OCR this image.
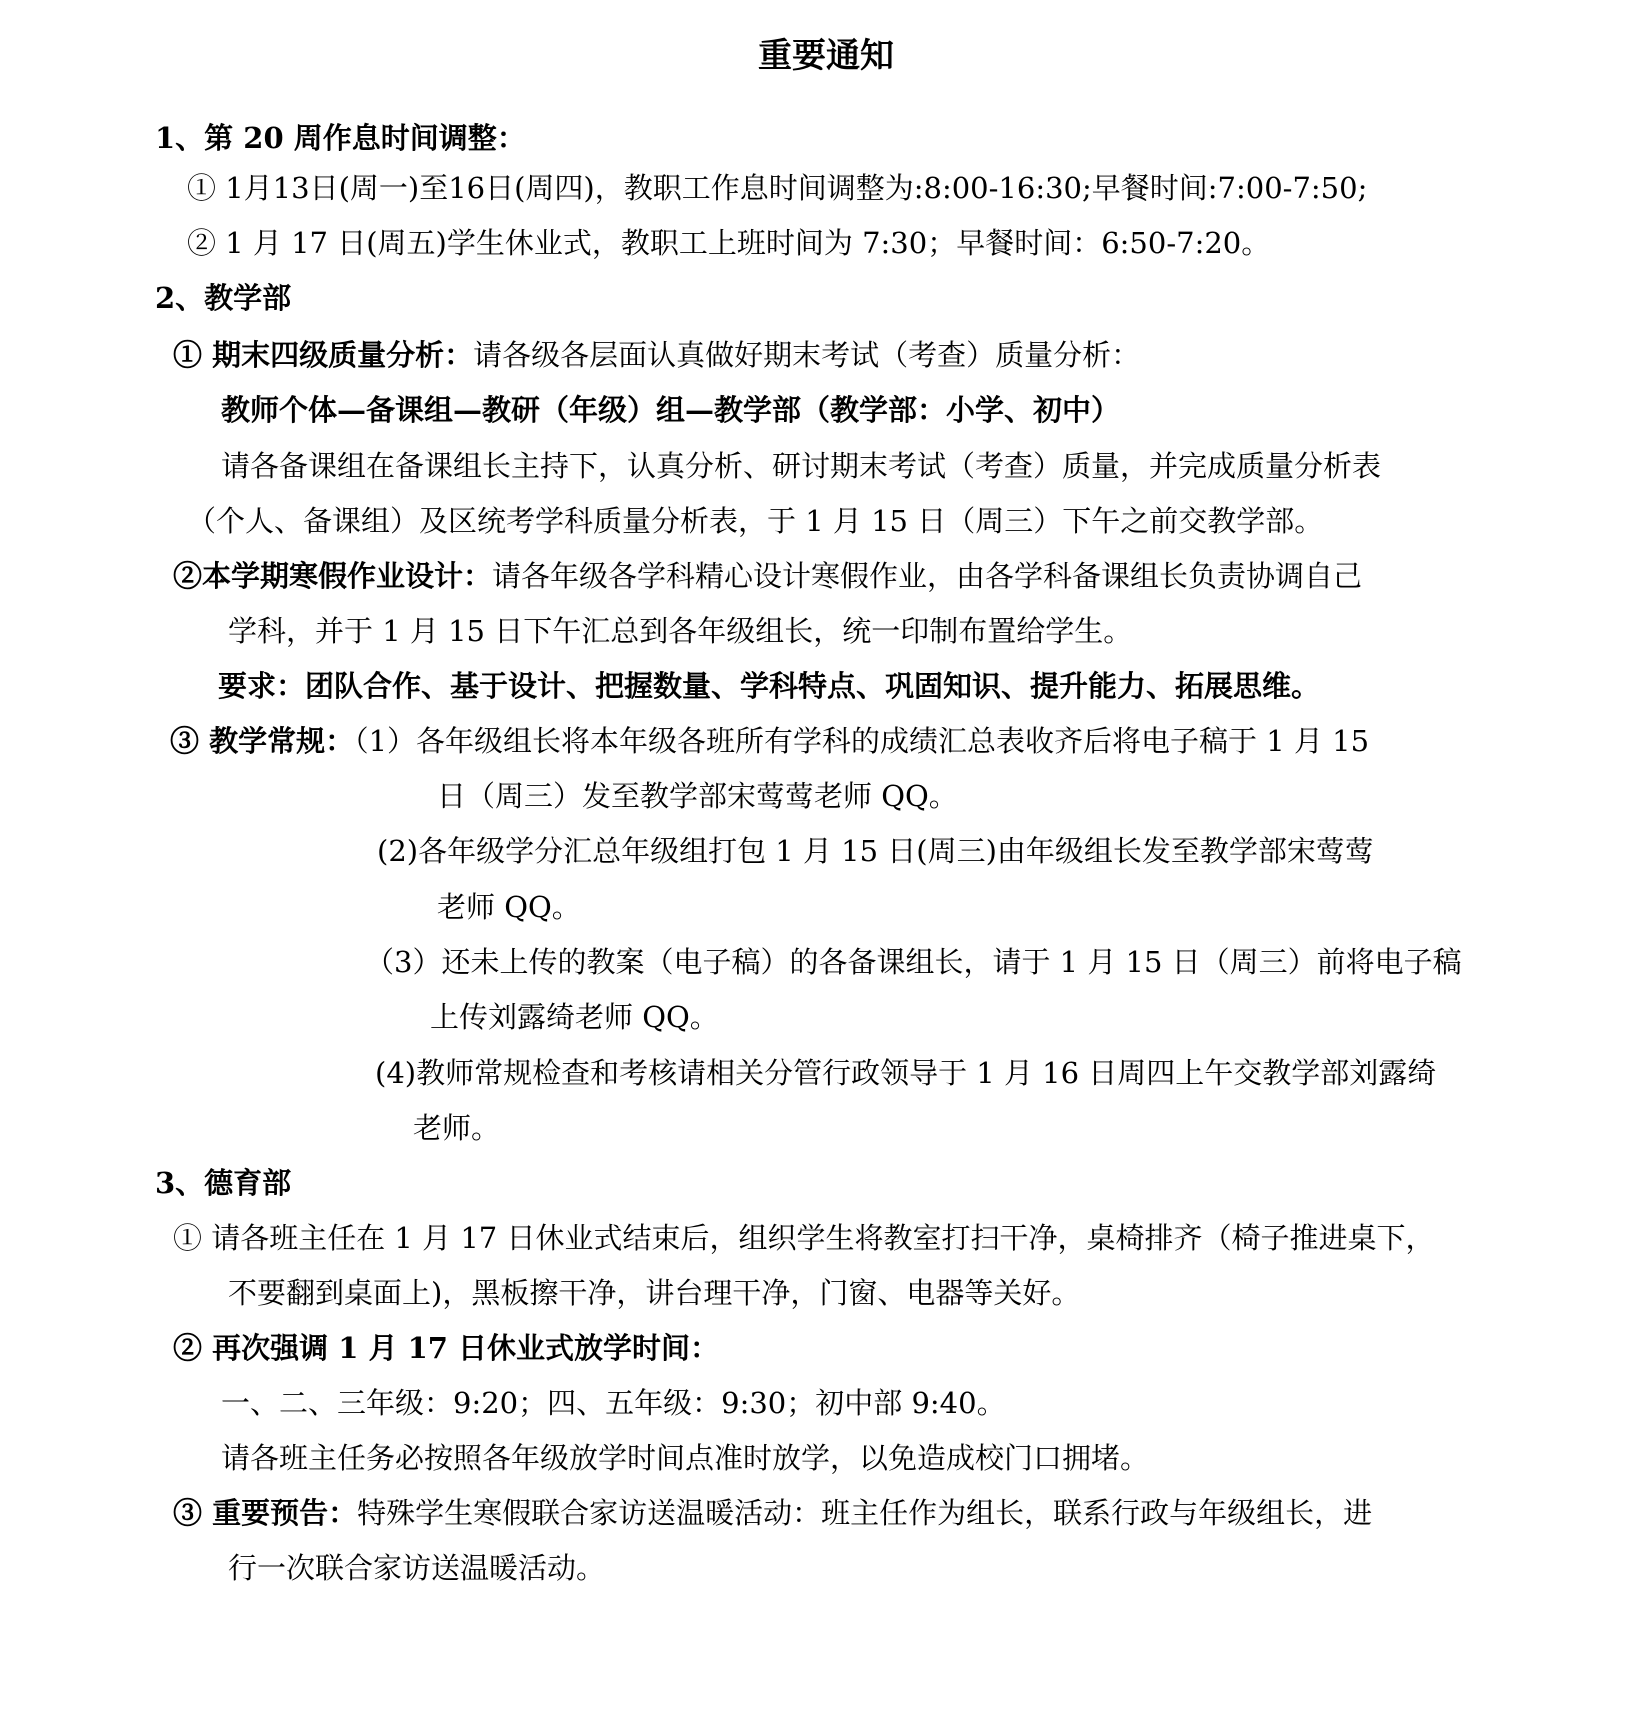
重要通知
1、第 20 周作息时间调整：
① 1月13日(周一)至16日(周四)，教职工作息时间调整为:8:00-16:30;早餐时间:7:00-7:50;
② 1 月 17 日(周五)学生休业式，教职工上班时间为 7:30；早餐时间：6:50-7:20。
2、教学部
① 期末四级质量分析：请各级各层面认真做好期末考试（考查）质量分析：
教师个体—备课组—教研（年级）组—教学部（教学部：小学、初中）
请各备课组在备课组长主持下，认真分析、研讨期末考试（考查）质量，并完成质量分析表
（个人、备课组）及区统考学科质量分析表，于 1 月 15 日（周三）下午之前交教学部。
②本学期寒假作业设计：请各年级各学科精心设计寒假作业，由各学科备课组长负责协调自己
学科，并于 1 月 15 日下午汇总到各年级组长，统一印制布置给学生。
要求：团队合作、基于设计、把握数量、学科特点、巩固知识、提升能力、拓展思维。
③ 教学常规：（1）各年级组长将本年级各班所有学科的成绩汇总表收齐后将电子稿于 1 月 15
日（周三）发至教学部宋莺莺老师 QQ。
(2)各年级学分汇总年级组打包 1 月 15 日(周三)由年级组长发至教学部宋莺莺
老师 QQ。
（3）还未上传的教案（电子稿）的各备课组长，请于 1 月 15 日（周三）前将电子稿
上传刘露绮老师 QQ。
(4)教师常规检查和考核请相关分管行政领导于 1 月 16 日周四上午交教学部刘露绮
老师。
3、德育部
① 请各班主任在 1 月 17 日休业式结束后，组织学生将教室打扫干净，桌椅排齐（椅子推进桌下，
不要翻到桌面上)，黑板擦干净，讲台理干净，门窗、电器等关好。
② 再次强调 1 月 17 日休业式放学时间：
一、二、三年级：9:20；四、五年级：9:30；初中部 9:40。
请各班主任务必按照各年级放学时间点准时放学，以免造成校门口拥堵。
③ 重要预告：特殊学生寒假联合家访送温暖活动：班主任作为组长，联系行政与年级组长，进
行一次联合家访送温暖活动。
